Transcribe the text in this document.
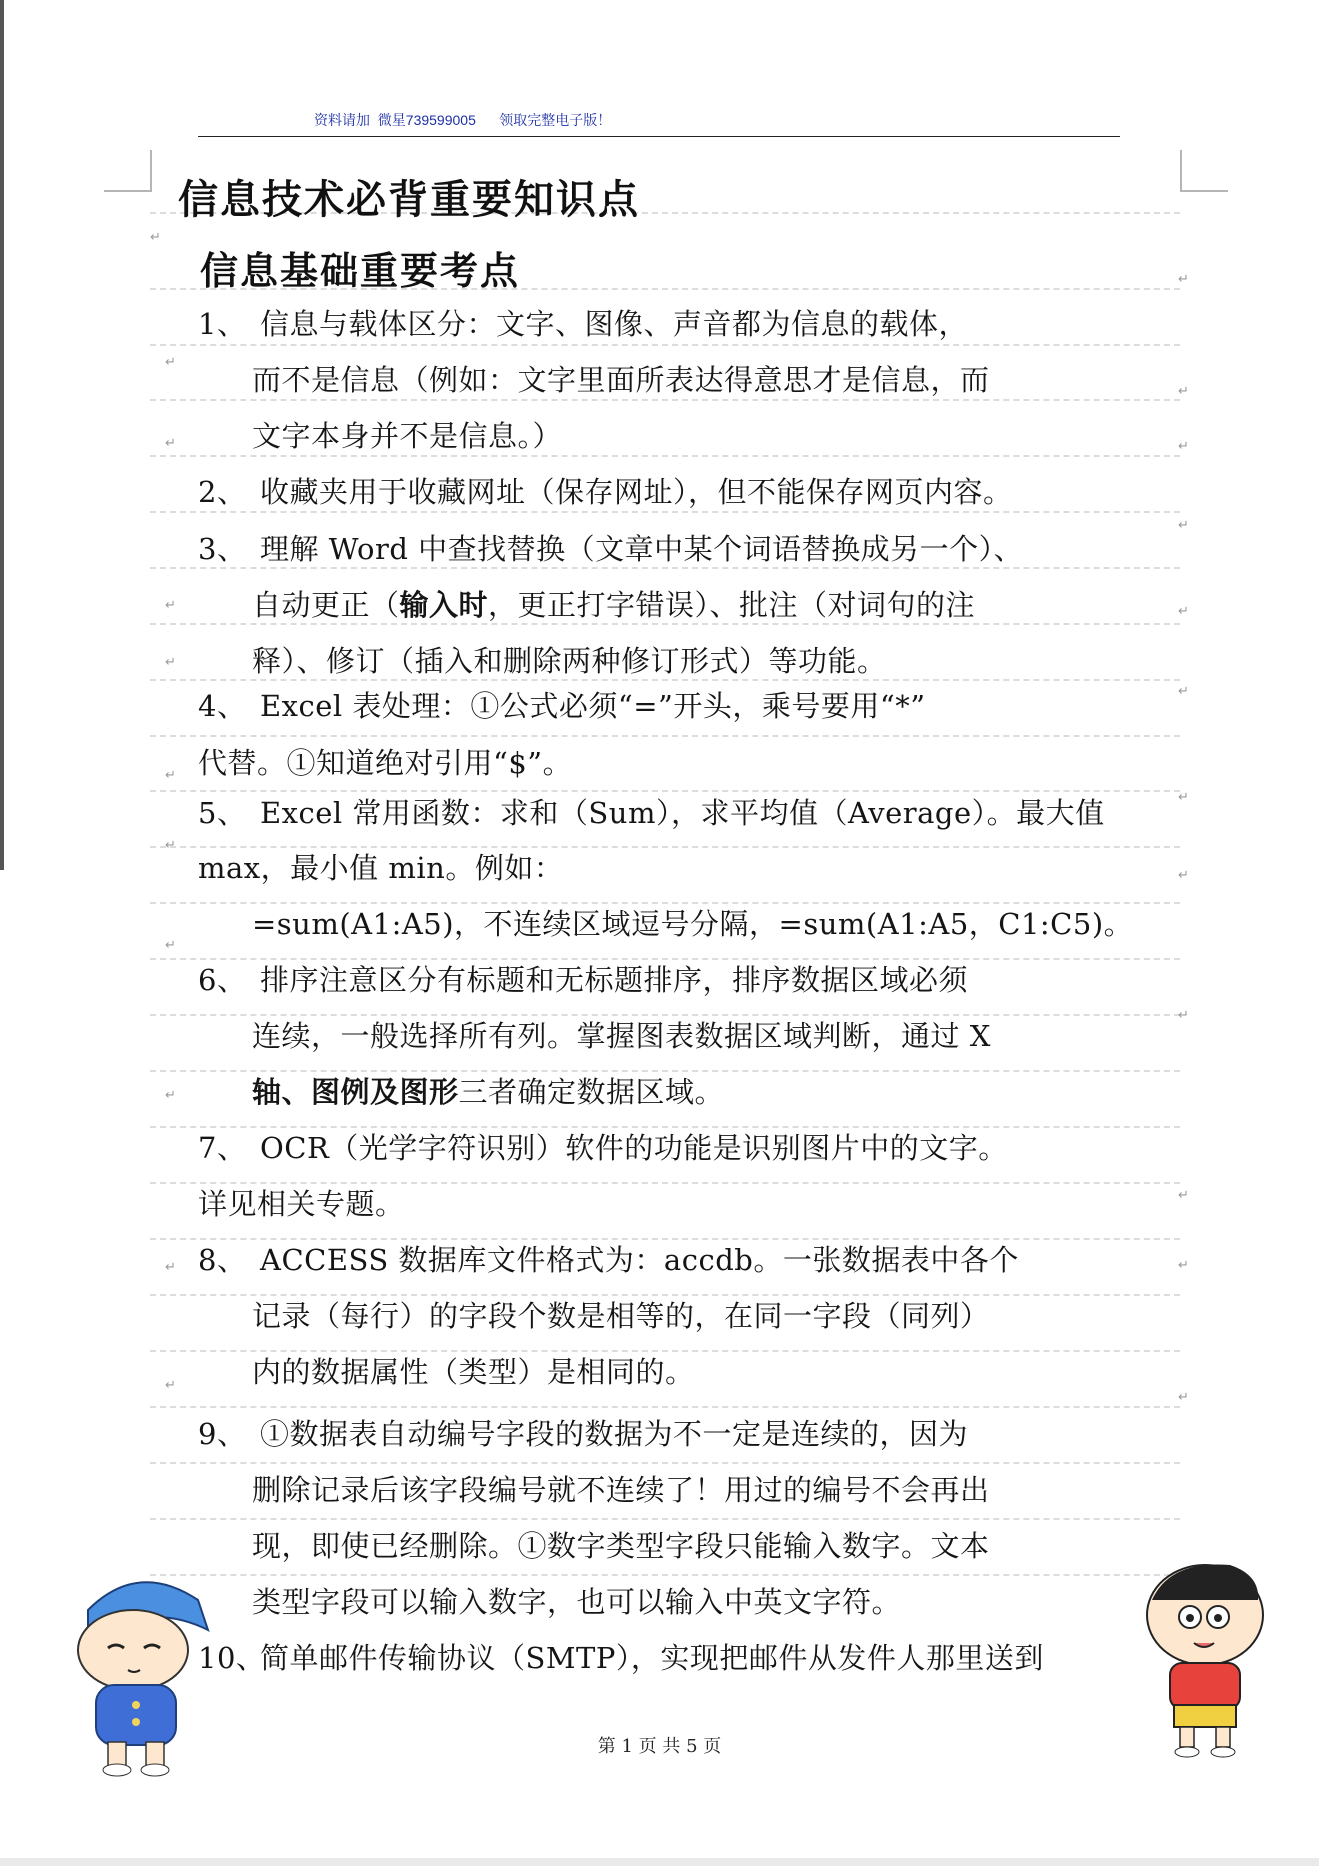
资料请加  微星739599005      领取完整电子版！
↵
↵
↵
↵
↵	↵
↵
↵	↵
↵
↵
↵
↵
↵
↵
↵
↵
↵
↵
↵	↵
↵
↵
信息技术必背重要知识点
信息基础重要考点
1、 信息与载体区分：文字、图像、声音都为信息的载体，
而不是信息（例如：文字里面所表达得意思才是信息，而
文字本身并不是信息。）
2、 收藏夹用于收藏网址（保存网址），但不能保存网页内容。
3、 理解 Word 中查找替换（文章中某个词语替换成另一个）、
自动更正（输入时，更正打字错误）、批注（对词句的注
释）、修订（插入和删除两种修订形式）等功能。
4、 Excel 表处理：①公式必须“=”开头，乘号要用“*”
代替。①知道绝对引用“$”。
5、 Excel 常用函数：求和（Sum），求平均值（Average）。最大值
max，最小值 min。例如：
=sum(A1:A5)，不连续区域逗号分隔，=sum(A1:A5，C1:C5)。
6、 排序注意区分有标题和无标题排序，排序数据区域必须
连续，一般选择所有列。掌握图表数据区域判断，通过 X
轴、图例及图形三者确定数据区域。
7、 OCR（光学字符识别）软件的功能是识别图片中的文字。
详见相关专题。
8、 ACCESS 数据库文件格式为：accdb。一张数据表中各个
记录（每行）的字段个数是相等的，在同一字段（同列）
内的数据属性（类型）是相同的。
9、 ①数据表自动编号字段的数据为不一定是连续的，因为
删除记录后该字段编号就不连续了！用过的编号不会再出
现，即使已经删除。①数字类型字段只能输入数字。文本
类型字段可以输入数字，也可以输入中英文字符。
10、简单邮件传输协议（SMTP），实现把邮件从发件人那里送到
第 1 页 共 5 页
